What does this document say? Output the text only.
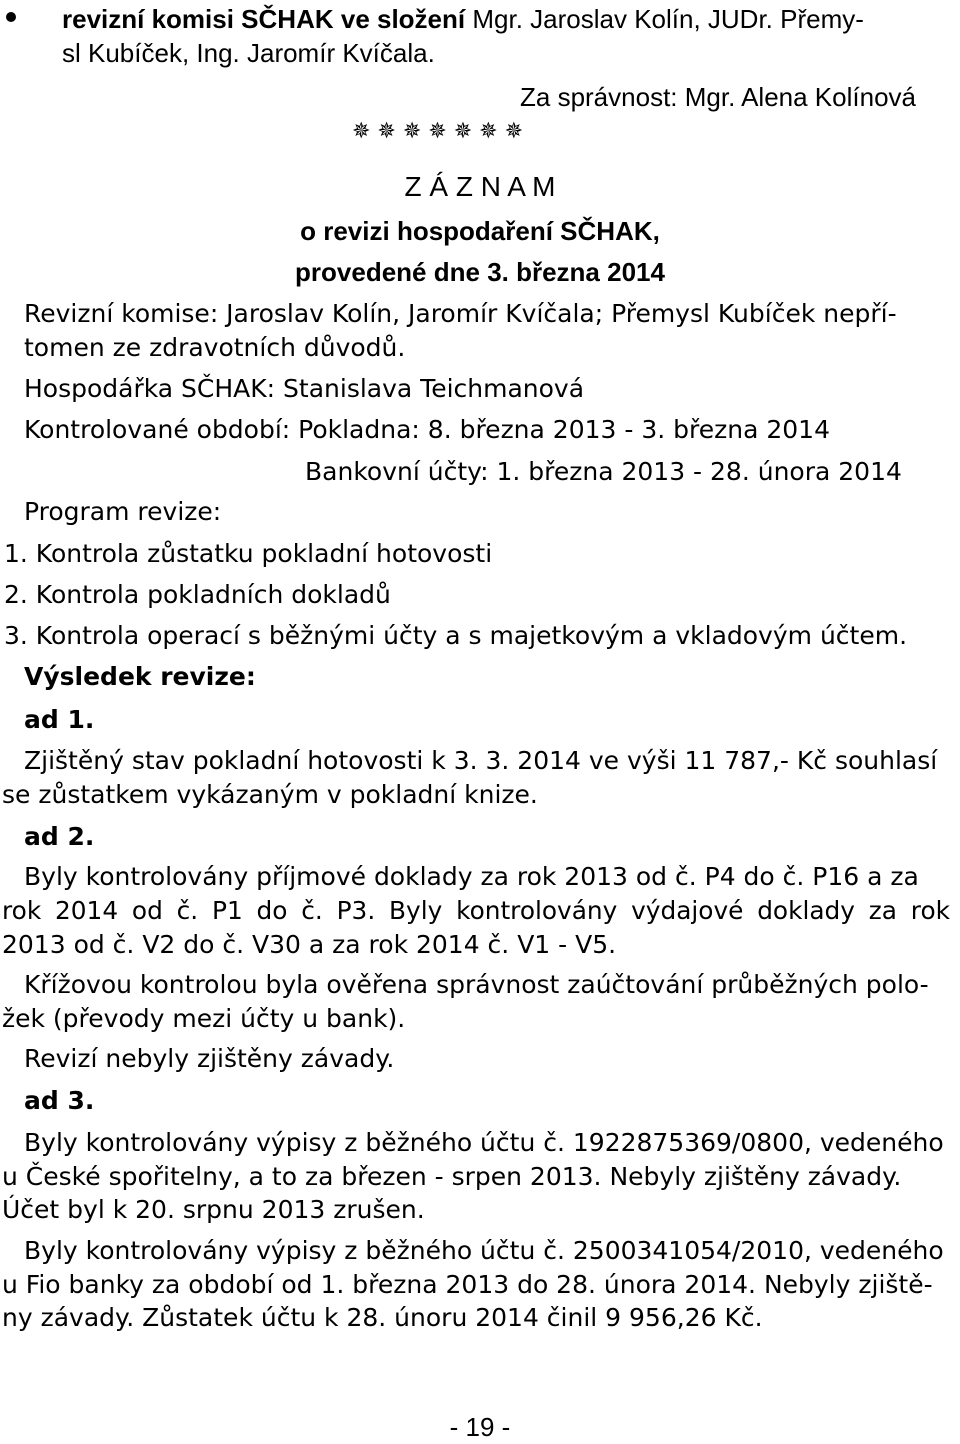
revizní komisi SČHAK ve složení Mgr. Jaroslav Kolín, JUDr. Přemy-
sl Kubíček, Ing. Jaromír Kvíčala.
Za správnost: Mgr. Alena Kolínová
✵✵✵✵✵✵✵
Z Á Z N A M
o revizi hospodaření SČHAK,
provedené dne 3. března 2014
Revizní komise: Jaroslav Kolín, Jaromír Kvíčala; Přemysl Kubíček nepří-
tomen ze zdravotních důvodů.
Hospodářka SČHAK: Stanislava Teichmanová
Kontrolované období: Pokladna: 8. března 2013 - 3. března 2014
Bankovní účty: 1. března 2013 - 28. února 2014
Program revize:
1. Kontrola zůstatku pokladní hotovosti
2. Kontrola pokladních dokladů
3. Kontrola operací s běžnými účty a s majetkovým a vkladovým účtem.
Výsledek revize:
ad 1.
Zjištěný stav pokladní hotovosti k 3. 3. 2014 ve výši 11 787,- Kč souhlasí
se zůstatkem vykázaným v pokladní knize.
ad 2.
Byly kontrolovány příjmové doklady za rok 2013 od č. P4 do č. P16 a za
rok 2014 od č. P1 do č. P3. Byly kontrolovány výdajové doklady za rok
2013 od č. V2 do č. V30 a za rok 2014 č. V1 - V5.
Křížovou kontrolou byla ověřena správnost zaúčtování průběžných polo-
žek (převody mezi účty u bank).
Revizí nebyly zjištěny závady.
ad 3.
Byly kontrolovány výpisy z běžného účtu č. 1922875369/0800, vedeného
u České spořitelny, a to za březen - srpen 2013. Nebyly zjištěny závady.
Účet byl k 20. srpnu 2013 zrušen.
Byly kontrolovány výpisy z běžného účtu č. 2500341054/2010, vedeného
u Fio banky za období od 1. března 2013 do 28. února 2014. Nebyly zjiště-
ny závady. Zůstatek účtu k 28. únoru 2014 činil 9 956,26 Kč.
- 19 -
